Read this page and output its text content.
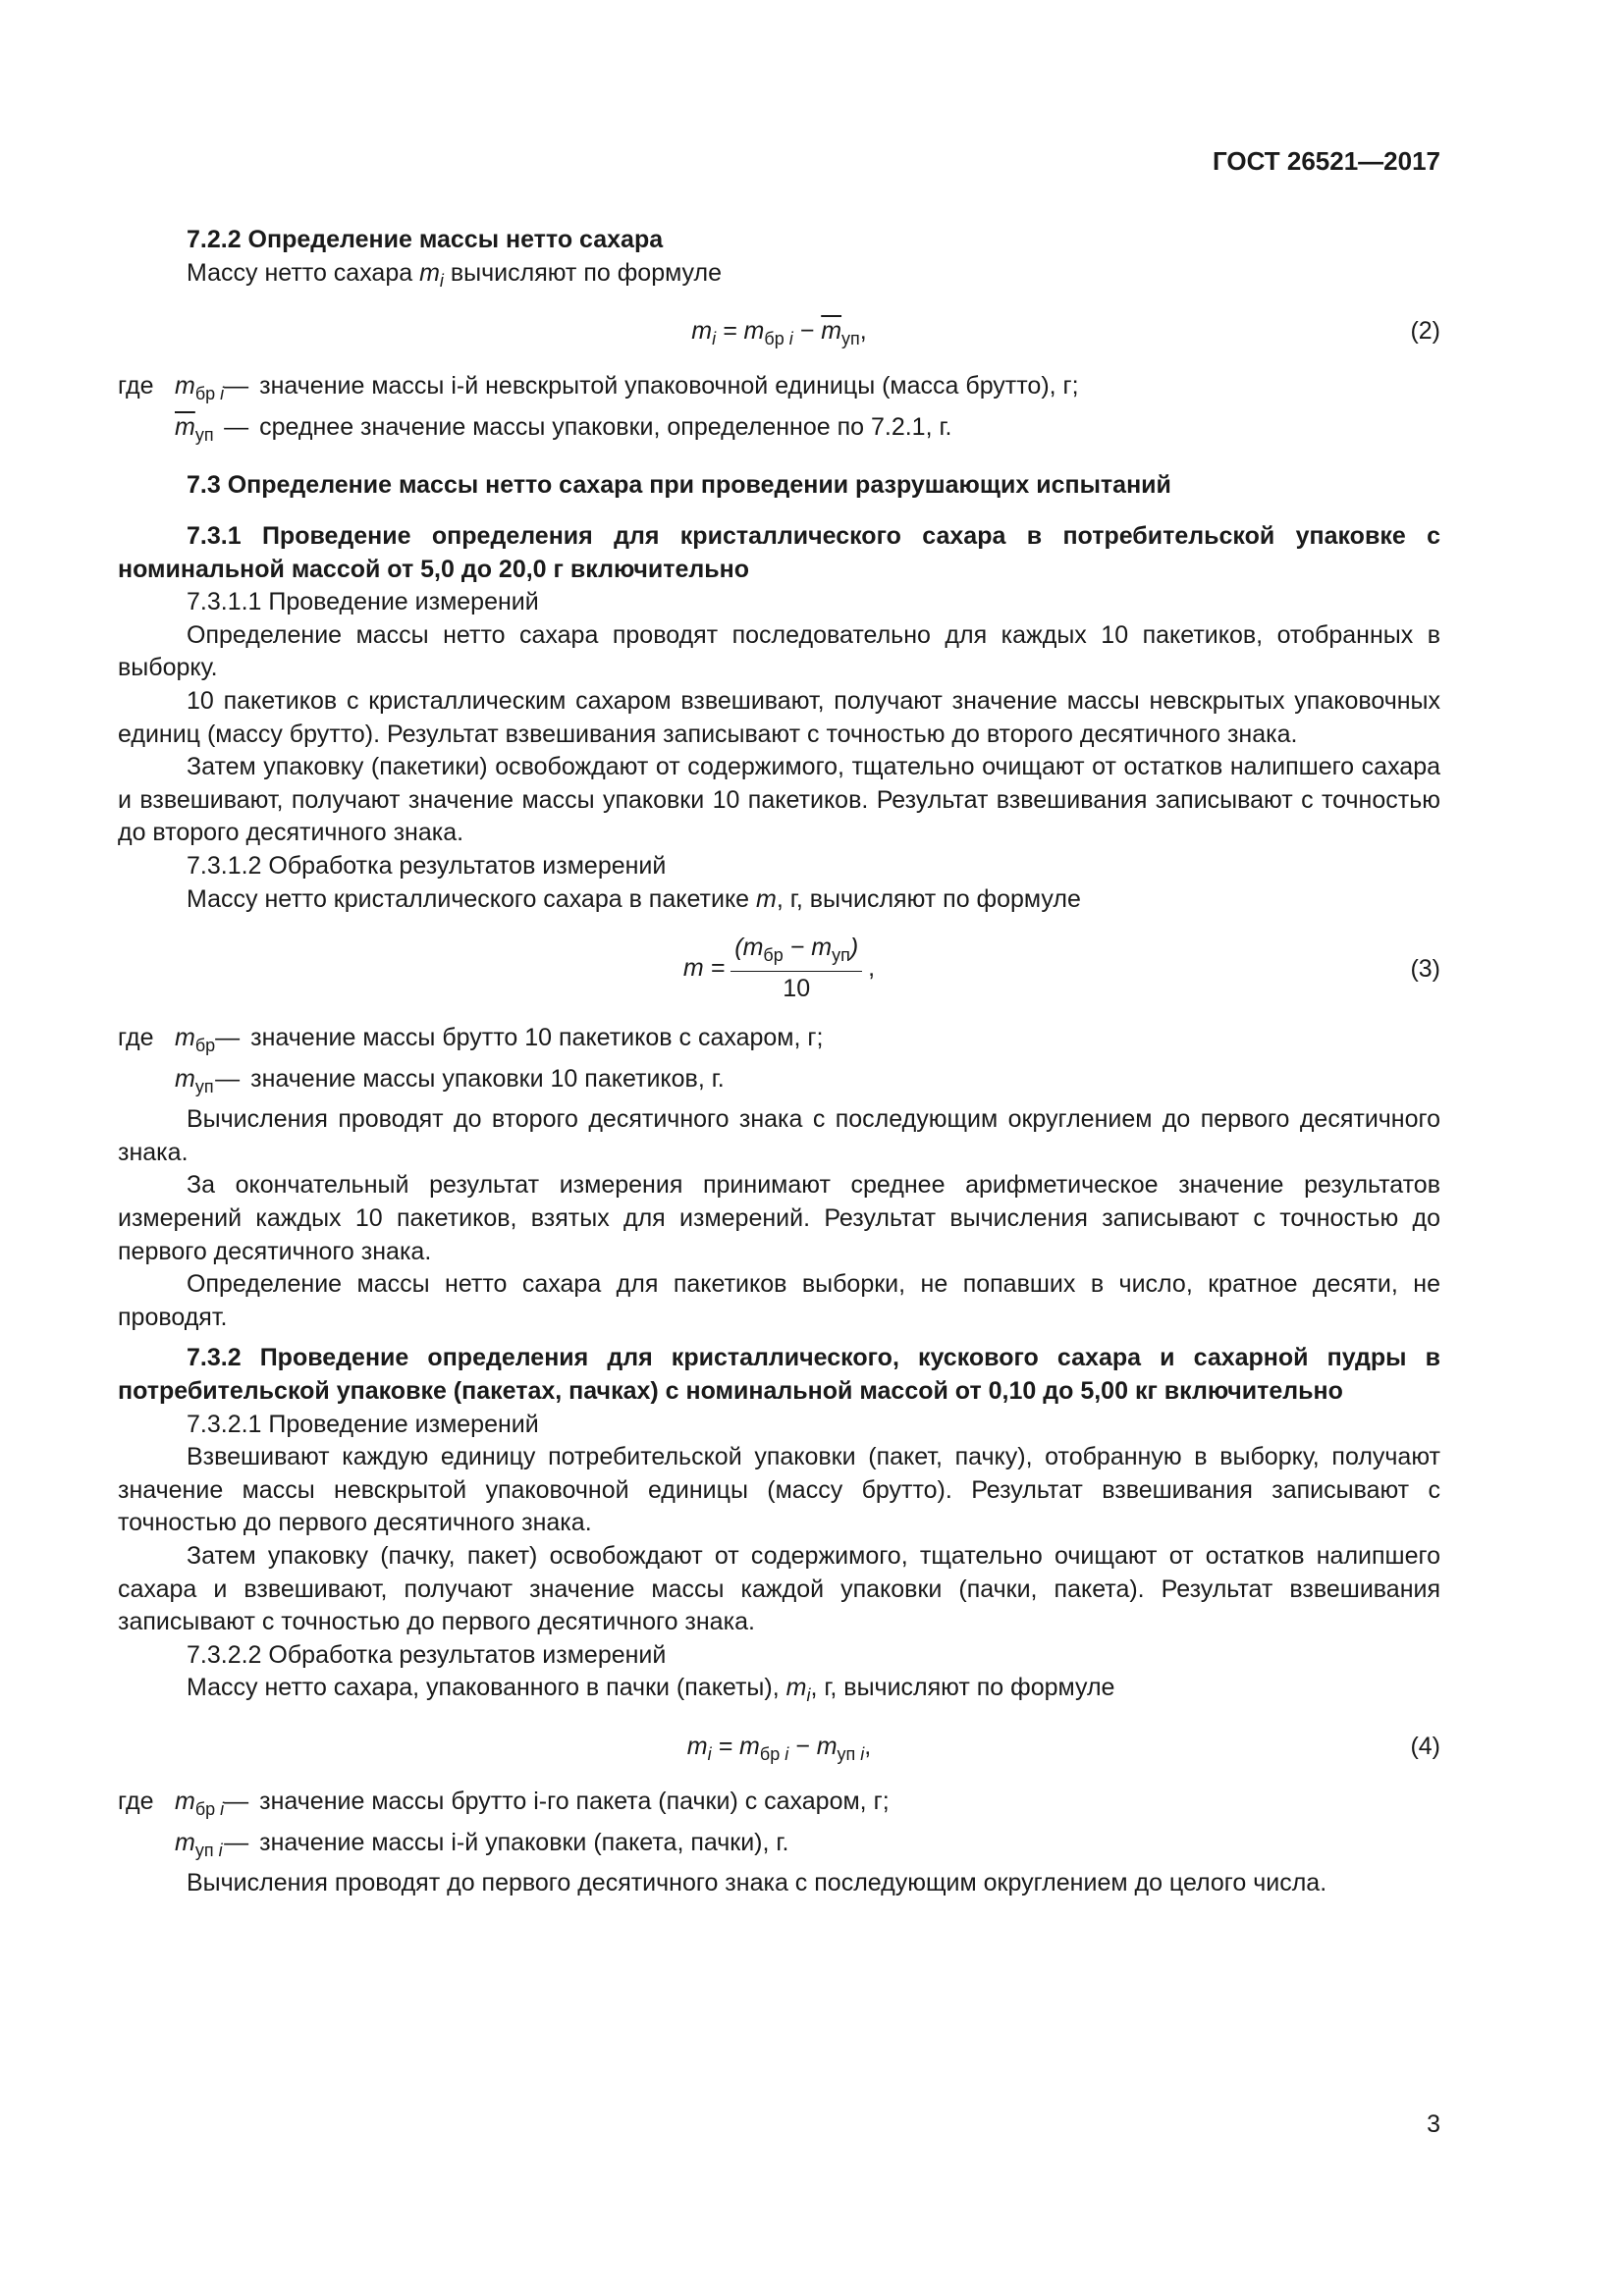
ГОСТ 26521—2017

7.2.2 Определение массы нетто сахара

Массу нетто сахара $m_i$ вычисляют по формуле

$m_i = m_{бр i} - \overline{m}_{уп}$,	(2)
где	$m_{бр i}$	—	значение массы i-й невскрытой упаковочной единицы (масса брутто), г;
	$\overline{m}_{уп}$	—	среднее значение массы упаковки, определенное по 7.2.1, г.

7.3 Определение массы нетто сахара при проведении разрушающих испытаний

7.3.1 Проведение определения для кристаллического сахара в потребительской упаковке с номинальной массой от 5,0 до 20,0 г включительно

7.3.1.1 Проведение измерений

Определение массы нетто сахара проводят последовательно для каждых 10 пакетиков, отобранных в выборку.

10 пакетиков с кристаллическим сахаром взвешивают, получают значение массы невскрытых упаковочных единиц (массу брутто). Результат взвешивания записывают с точностью до второго десятичного знака.

Затем упаковку (пакетики) освобождают от содержимого, тщательно очищают от остатков налипшего сахара и взвешивают, получают значение массы упаковки 10 пакетиков. Результат взвешивания записывают с точностью до второго десятичного знака.

7.3.1.2 Обработка результатов измерений

Массу нетто кристаллического сахара в пакетике m, г, вычисляют по формуле

$m = \frac{(m_{бр} - m_{уп})}{10}$ ,	(3)
где	$m_{бр}$	—	значение массы брутто 10 пакетиков с сахаром, г;
	$m_{уп}$	—	значение массы упаковки 10 пакетиков, г.

Вычисления проводят до второго десятичного знака с последующим округлением до первого десятичного знака.

За окончательный результат измерения принимают среднее арифметическое значение результатов измерений каждых 10 пакетиков, взятых для измерений. Результат вычисления записывают с точностью до первого десятичного знака.

Определение массы нетто сахара для пакетиков выборки, не попавших в число, кратное десяти, не проводят.

7.3.2 Проведение определения для кристаллического, кускового сахара и сахарной пудры в потребительской упаковке (пакетах, пачках) с номинальной массой от 0,10 до 5,00 кг включительно

7.3.2.1 Проведение измерений

Взвешивают каждую единицу потребительской упаковки (пакет, пачку), отобранную в выборку, получают значение массы невскрытой упаковочной единицы (массу брутто). Результат взвешивания записывают с точностью до первого десятичного знака.

Затем упаковку (пачку, пакет) освобождают от содержимого, тщательно очищают от остатков налипшего сахара и взвешивают, получают значение массы каждой упаковки (пачки, пакета). Результат взвешивания записывают с точностью до первого десятичного знака.

7.3.2.2 Обработка результатов измерений

Массу нетто сахара, упакованного в пачки (пакеты), $m_i$, г, вычисляют по формуле

$m_i = m_{бр i} - m_{уп i}$,	(4)
где	$m_{бр i}$	—	значение массы брутто i-го пакета (пачки) с сахаром, г;
	$m_{уп i}$	—	значение массы i-й упаковки (пакета, пачки), г.

Вычисления проводят до первого десятичного знака с последующим округлением до целого числа.

3
